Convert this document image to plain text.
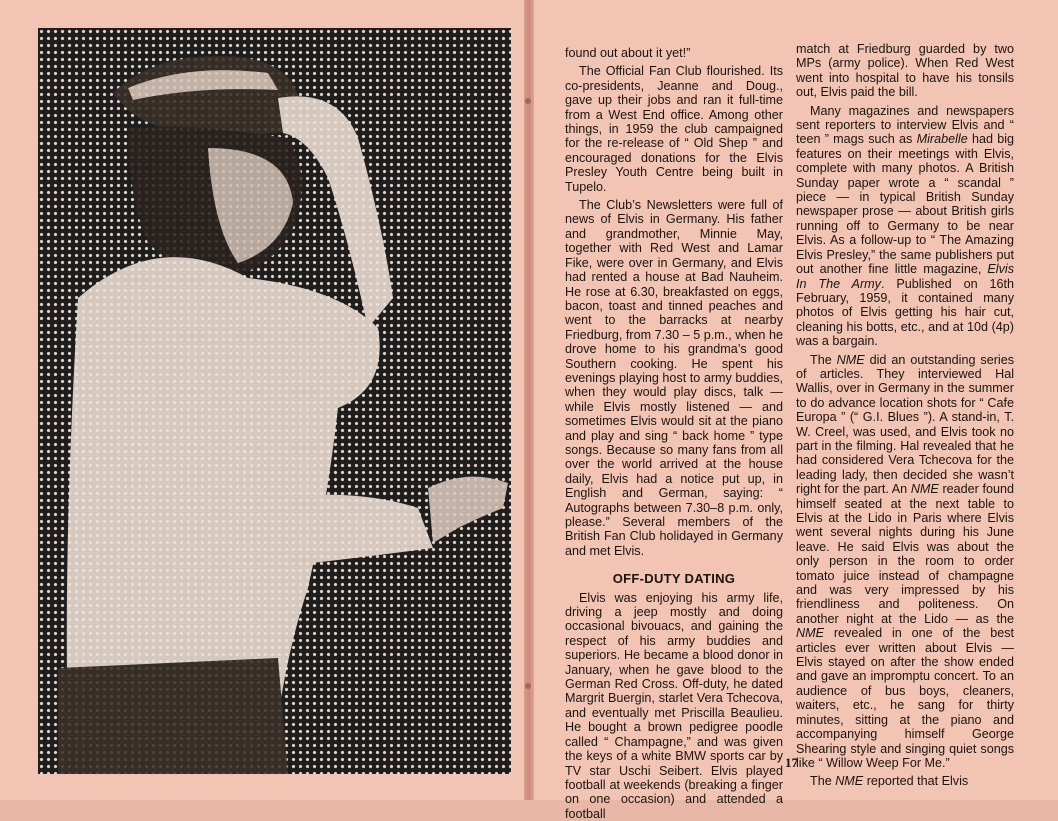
found out about it yet!”

The Official Fan Club flourished. Its co-presidents, Jeanne and Doug., gave up their jobs and ran it full-time from a West End office. Among other things, in 1959 the club campaigned for the re-release of “ Old Shep ” and encouraged donations for the Elvis Presley Youth Centre being built in Tupelo.

The Club’s Newsletters were full of news of Elvis in Germany. His father and grandmother, Minnie May, together with Red West and Lamar Fike, were over in Germany, and Elvis had rented a house at Bad Nauheim. He rose at 6.30, breakfasted on eggs, bacon, toast and tinned peaches and went to the barracks at nearby Friedburg, from 7.30 – 5 p.m., when he drove home to his grandma’s good Southern cooking. He spent his evenings playing host to army buddies, when they would play discs, talk — while Elvis mostly listened — and sometimes Elvis would sit at the piano and play and sing “ back home ” type songs. Because so many fans from all over the world arrived at the house daily, Elvis had a notice put up, in English and German, saying: “ Autographs between 7.30–8 p.m. only, please.” Several members of the British Fan Club holidayed in Germany and met Elvis.

OFF-DUTY DATING

Elvis was enjoying his army life, driving a jeep mostly and doing occasional bivouacs, and gaining the respect of his army buddies and superiors. He became a blood donor in January, when he gave blood to the German Red Cross. Off-duty, he dated Margrit Buergin, starlet Vera Tchecova, and eventually met Priscilla Beaulieu. He bought a brown pedigree poodle called “ Champagne,” and was given the keys of a white BMW sports car by TV star Uschi Seibert. Elvis played football at weekends (breaking a finger on one occasion) and attended a football

match at Friedburg guarded by two MPs (army police). When Red West went into hospital to have his tonsils out, Elvis paid the bill.

Many magazines and newspapers sent reporters to interview Elvis and “ teen ” mags such as Mirabelle had big features on their meetings with Elvis, complete with many photos. A British Sunday paper wrote a “ scandal ” piece — in typical British Sunday newspaper prose — about British girls running off to Germany to be near Elvis. As a follow-up to “ The Amazing Elvis Presley,” the same publishers put out another fine little magazine, Elvis In The Army. Published on 16th February, 1959, it contained many photos of Elvis getting his hair cut, cleaning his botts, etc., and at 10d (4p) was a bargain.

The NME did an outstanding series of articles. They interviewed Hal Wallis, over in Germany in the summer to do advance location shots for “ Cafe Europa ” (“ G.I. Blues ”). A stand-in, T. W. Creel, was used, and Elvis took no part in the filming. Hal revealed that he had considered Vera Tchecova for the leading lady, then decided she wasn’t right for the part. An NME reader found himself seated at the next table to Elvis at the Lido in Paris where Elvis went several nights during his June leave. He said Elvis was about the only person in the room to order tomato juice instead of champagne and was very impressed by his friendliness and politeness. On another night at the Lido — as the NME revealed in one of the best articles ever written about Elvis — Elvis stayed on after the show ended and gave an impromptu concert. To an audience of bus boys, cleaners, waiters, etc., he sang for thirty minutes, sitting at the piano and accompanying himself George Shearing style and singing quiet songs like “ Willow Weep For Me.”

The NME reported that Elvis

17
